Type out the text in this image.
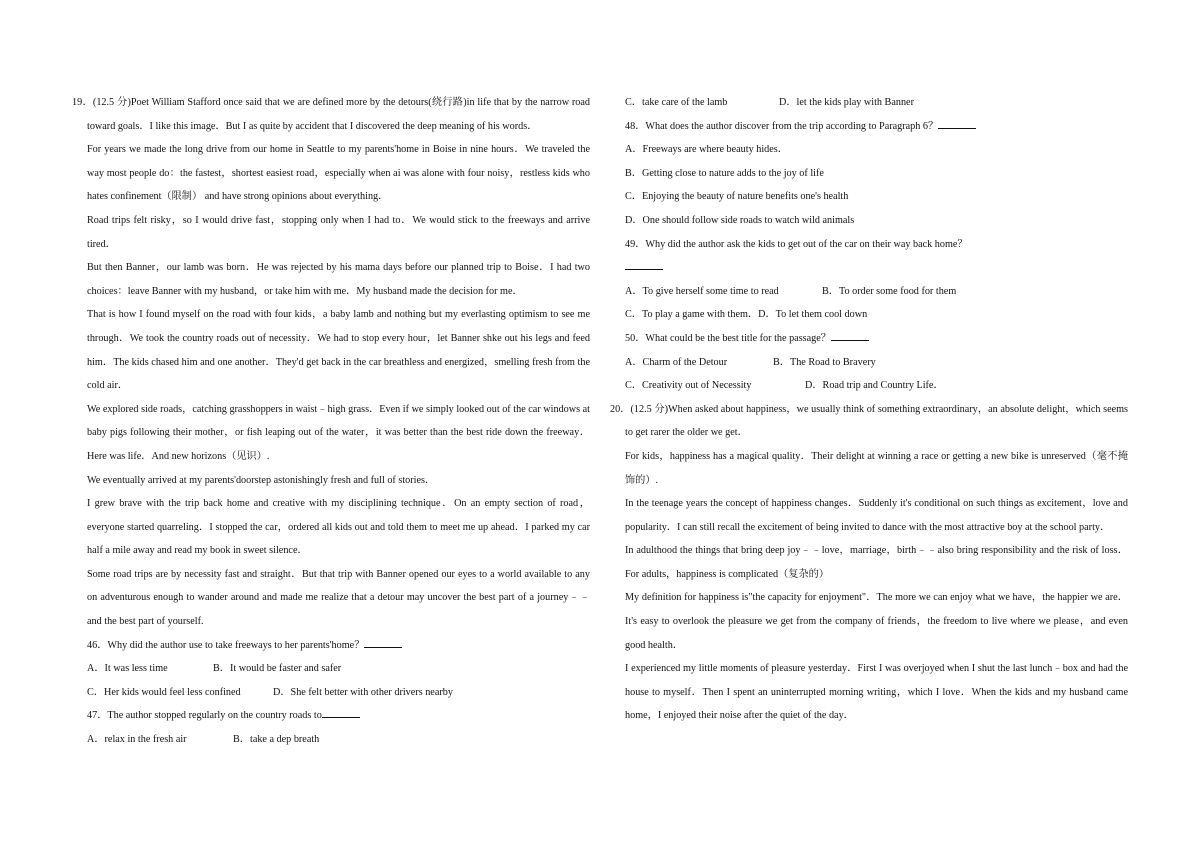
19．(12.5 分)Poet William Stafford once said that we are defined more by the detours(绕行路)in life that by the narrow road toward goals．I like this image．But I as quite by accident that I discovered the deep meaning of his words．

For years we made the long drive from our home in Seattle to my parents'home in Boise in nine hours．We traveled the way most people do：the fastest，shortest easiest road，especially when ai was alone with four noisy，restless kids who hates confinement（限制） and have strong opinions about everything．

Road trips felt risky，so I would drive fast，stopping only when I had to．We would stick to the freeways and arrive tired．

But then Banner，our lamb was born．He was rejected by his mama days before our planned trip to Boise．I had two choices：leave Banner with my husband，or take him with me．My husband made the decision for me．

That is how I found myself on the road with four kids，a baby lamb and nothing but my everlasting optimism to see me through．We took the country roads out of necessity．We had to stop every hour，let Banner shke out his legs and feed him．The kids chased him and one another．They'd get back in the car breathless and energized，smelling fresh from the cold air．

We explored side roads，catching grasshoppers in waist﹣high grass．Even if we simply looked out of the car windows at baby pigs following their mother，or fish leaping out of the water，it was better than the best ride down the freeway．Here was life．And new horizons（见识）.

We eventually arrived at my parents'doorstep astonishingly fresh and full of stories．

I grew brave with the trip back home and creative with my disciplining technique．On an empty section of road，everyone started quarreling．I stopped the car，ordered all kids out and told them to meet me up ahead．I parked my car half a mile away and read my book in sweet silence．

Some road trips are by necessity fast and straight．But that trip with Banner opened our eyes to a world available to any on adventurous enough to wander around and made me realize that a detour may uncover the best part of a journey﹣﹣and the best part of yourself.

46．Why did the author use to take freeways to her parents'home？

A．It was less time	B．It would be faster and safer
C．Her kids would feel less confined	D．She felt better with other drivers nearby

47．The author stopped regularly on the country roads to

A．relax in the fresh air	B．take a dep breath
C．take care of the lamb	D．let the kids play with Banner

48．What does the author discover from the trip according to Paragraph 6？

A．Freeways are where beauty hides．

B．Getting close to nature adds to the joy of life

C．Enjoying the beauty of nature benefits one's health

D．One should follow side roads to watch wild animals

49．Why did the author ask the kids to get out of the car on their way back home？

A．To give herself some time to read	B．To order some food for them

C．To play a game with them．D．To let them cool down

50．What could be the best title for the passage？

A．Charm of the Detour	B．The Road to Bravery
C．Creativity out of Necessity	D．Road trip and Country Life．

20．(12.5 分)When asked about happiness，we usually think of something extraordinary，an absolute delight，which seems to get rarer the older we get．

For kids，happiness has a magical quality．Their delight at winning a race or getting a new bike is unreserved（毫不掩饰的）.

In the teenage years the concept of happiness changes．Suddenly it's conditional on such things as excitement，love and popularity．I can still recall the excitement of being invited to dance with the most attractive boy at the school party．

In adulthood the things that bring deep joy﹣﹣love，marriage，birth﹣﹣also bring responsibility and the risk of loss．For adults，happiness is complicated（复杂的）

My definition for happiness is"the capacity for enjoyment"．The more we can enjoy what we have，the happier we are．It's easy to overlook the pleasure we get from the company of friends，the freedom to live where we please，and even good health．

I experienced my little moments of pleasure yesterday．First I was overjoyed when I shut the last lunch﹣box and had the house to myself．Then I spent an uninterrupted morning writing，which I love．When the kids and my husband came home，I enjoyed their noise after the quiet of the day．
